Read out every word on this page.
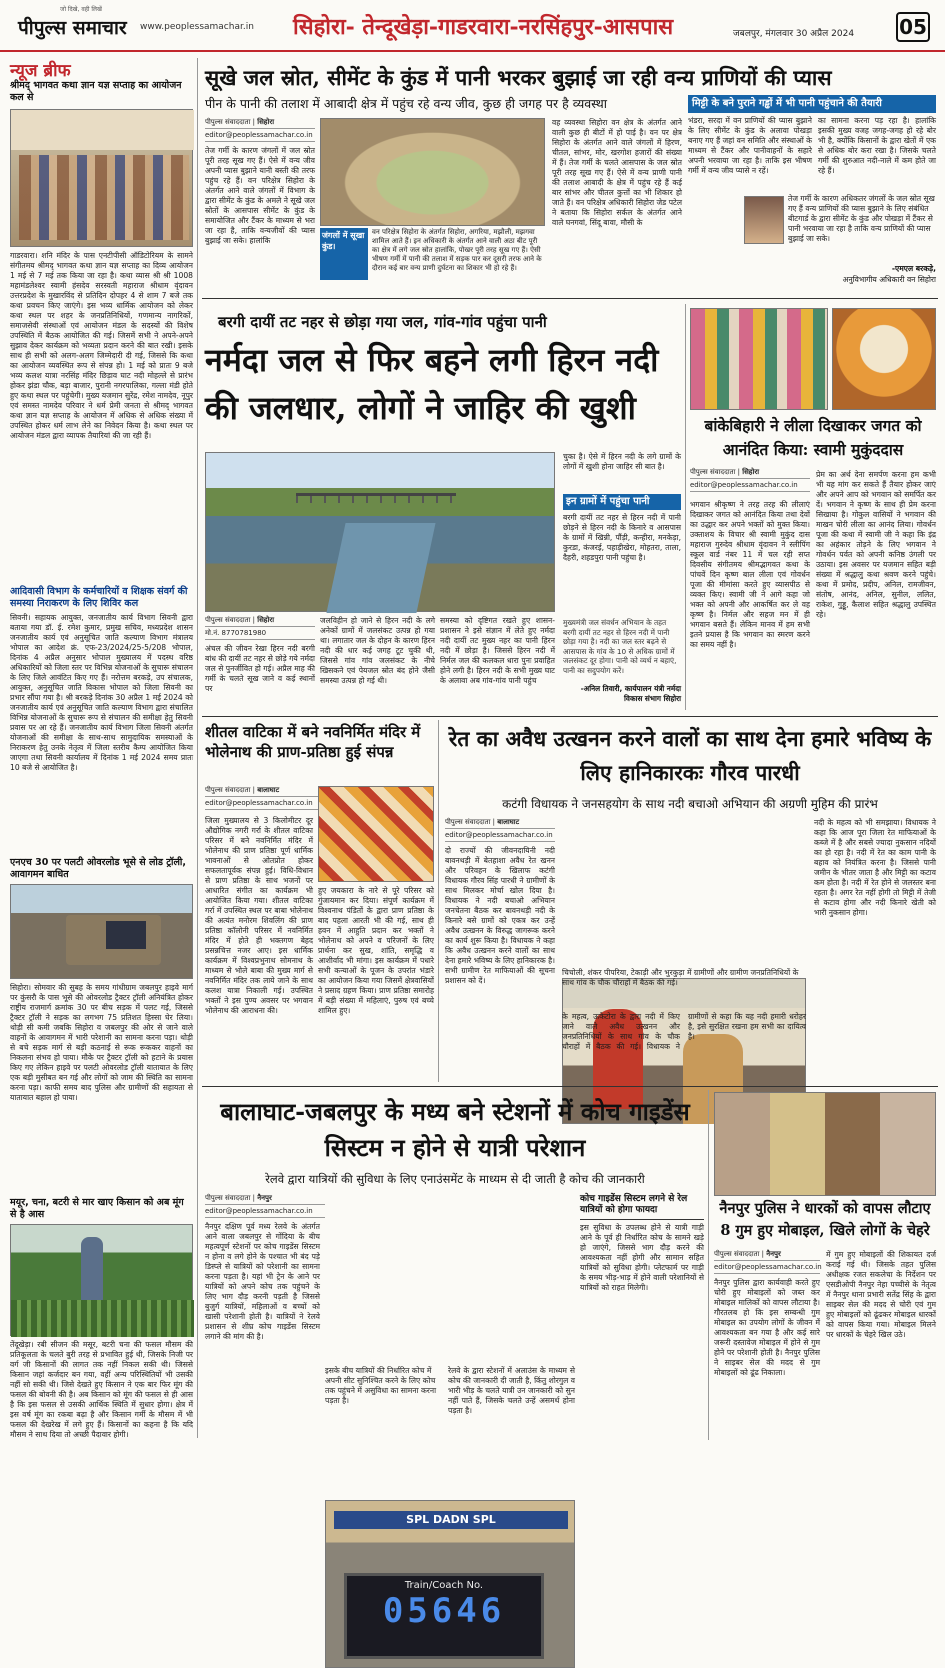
पीपुल्स समाचार
जो दिखे, वही लिखें
www.peoplessamachar.in सिहोरा- तेन्दूखेड़ा-गाडरवारा-नरसिंहपुर-आसपास	जबलपुर, मंगलवार 30 अप्रैल 2024 05
न्यूज ब्रीफ
श्रीमद् भागवत कथा ज्ञान यज्ञ सप्ताह का आयोजन कल से
गाडरवारा। शनि मंदिर के पास एनटीपीसी ऑडिटोरियम के सामने संगीतमय श्रीमद् भागवत कथा ज्ञान यज्ञ सप्ताह का दिव्य आयोजन 1 मई से 7 मई तक किया जा रहा है। कथा व्यास श्री श्री 1008 महामंडलेश्वर स्वामी हंसदेव सरस्वती महाराज श्रीधाम वृंदावन उत्तरप्रदेश के मुखारविंद से प्रतिदिन दोपहर 4 से शाम 7 बजे तक कथा प्रवचन किए जाएंगे। इस भव्य धार्मिक आयोजन को लेकर कथा स्थल पर शहर के जनप्रतिनिधियों, गणमान्य नागरिकों, समाजसेवी संस्थाओं एवं आयोजन मंडल के सदस्यों की विशेष उपस्थिति में बैठक आयोजित की गई। जिसमें सभी ने अपने-अपने सुझाव देकर कार्यक्रम को भव्यता प्रदान करने की बात रखी। इसके साथ ही सभी को अलग-अलग जिम्मेदारी दी गई, जिससे कि कथा का आयोजन व्यवस्थित रूप से संपन्न हो। 1 मई को प्रातः 9 बजे भव्य कलश यात्रा नरसिंह मंदिर छिड़ाव घाट नदी मोहल्ले से प्रारंभ होकर झंडा चौक, बड़ा बाजार, पुरानी नगरपालिका, गल्ला मंडी होते हुए कथा स्थल पर पहुंचेगी। मुख्य यजमान सुरेंद्र, रमेश नामदेव, नूपुर एवं समस्त नामदेव परिवार ने धर्म प्रेमी जनता से श्रीमद् भागवत कथा ज्ञान यज्ञ सप्ताह के आयोजन में अधिक से अधिक संख्या में उपस्थित होकर धर्म लाभ लेने का निवेदन किया है। कथा स्थल पर आयोजन मंडल द्वारा व्यापक तैयारियां की जा रही हैं।
आदिवासी विभाग के कर्मचारियों व शिक्षक संवर्ग की समस्या निराकरण के लिए शिविर कल
सिवनी। सहायक आयुक्त, जनजातीय कार्य विभाग सिवनी द्वारा बताया गया डॉ. ई. रमेश कुमार, प्रमुख सचिव, मध्यप्रदेश शासन जनजातीय कार्य एवं अनुसूचित जाति कल्याण विभाग मंत्रालय भोपाल का आदेश क्रं. एफ-23/2024/25-5/208 भोपाल, दिनांक 4 अप्रैल अनुसार भोपाल मुख्यालय में पदस्थ वरिष्ठ अधिकारियों को जिला स्तर पर विभिन्न योजनाओं के सुचारू संचालन के लिए जिले आवंटित किए गए हैं। नरोत्तम बरकड़े, उप संचालक, आयुक्त, अनुसूचित जाति विकास भोपाल को जिला सिवनी का प्रभार सौंपा गया है। श्री बरकड़े दिनांक 30 अप्रैल 1 मई 2024 को जनजातीय कार्य एवं अनुसूचित जाति कल्याण विभाग द्वारा संचालित विभिन्न योजनाओं के सुचारू रूप से संचालन की समीक्षा हेतु सिवनी प्रवास पर आ रहे हैं। जनजातीय कार्य विभाग जिला सिवनी अंतर्गत योजनाओं की समीक्षा के साथ-साथ सामुदायिक समस्याओं के निराकरण हेतु उनके नेतृत्व में जिला स्तरीय कैम्प आयोजित किया जाएगा तथा सिवनी कार्यालय में दिनांक 1 मई 2024 समय प्रातः 10 बजे से आयोजित है।
एनएच 30 पर पलटी ओवरलोड भूसे से लोड ट्रॉली, आवागमन बाधित
सिहोरा। सोमवार की सुबह के समय गांधीग्राम जबलपुर हाइवे मार्ग पर कुंसरौ के पास भूसे की ओवरलोड ट्रैक्टर ट्रॉली अनियंत्रित होकर राष्ट्रीय राजमार्ग क्रमांक 30 पर बीच सड़क में पलट गई, जिससे ट्रैक्टर ट्रॉली ने सड़क का लगभग 75 प्रतिशत हिस्सा घेर लिया। थोड़ी सी कमी जबकि सिहोरा व जबलपुर की ओर से जाने वाले वाहनों के आवागमन में भारी परेशानी का सामना करना पड़ा। थोड़ी से बचे सड़क मार्ग से बड़ी कठनाई से रूक रूककर वाहनों का निकलना संभव हो पाया। मौके पर ट्रैक्टर ट्रॉली को हटाने के प्रयास किए गए लेकिन हाइवे पर पलटी ओवरलोड ट्रॉली यातायात के लिए एक बड़ी मुसीबत बन गई और लोगों को जाम की स्थिति का सामना करना पड़ा। काफी समय बाद पुलिस और ग्रामीणों की सहायता से यातायात बहाल हो पाया।
मयूर, चना, बटरी से मार खाए किसान को अब मूंग से है आस
तेंदूखेड़ा। रबी सीजन की मसूर, बटरी चना की फसल मौसम की प्रतिकूलता के चलते बुरी तरह से प्रभावित हुई थी, जिसके निजी पर वर्ग जी किसानों की लागत तक नहीं निकल सकी थी। जिससे किसान जहां कर्जदार बन गया, वहीं अन्य परिस्थितियों भी उसकी नहीं सो सकी थी। जिसे देखते हुए किसान ने एक बार फिर मूंग की फसल की बोवनी की है। अब किसान को मूंग की फसल से ही आस है कि इस फसल से उसकी आर्थिक स्थिति में सुधार होगा। क्षेत्र में इस वर्ष मूंग का रकबा बढ़ा है और किसान गर्मी के मौसम में भी फसल की देखरेख में लगे हुए हैं। किसानों का कहना है कि यदि मौसम ने साथ दिया तो अच्छी पैदावार होगी।
सूखे जल स्रोत, सीमेंट के कुंड में पानी भरकर बुझाई जा रही वन्य प्राणियों की प्यास
पीन के पानी की तलाश में आबादी क्षेत्र में पहुंच रहे वन्य जीव, कुछ ही जगह पर है व्यवस्था
पीपुल्स संवाददाता | सिहोरा
editor@peoplessamachar.co.in
तेज गर्मी के कारण जंगलों में जल स्रोत पूरी तरह सूख गए हैं। ऐसे में वन्य जीव अपनी प्यास बुझाने यानी बस्ती की तरफ पहुंच रहे हैं। वन परिक्षेत्र सिहोरा के अंतर्गत आने वाले जंगलों में विभाग के द्वारा सीमेंट के कुंड के अमले ने सूखे जल स्रोतों के आसपास सीमेंट के कुंड के समायोजित और टैंकर के माध्यम से भरा जा रहा है, ताकि वन्यजीवों की प्यास बुझाई जा सके। हालांकि
जंगलों में सूखा कुंड।
वन परिक्षेत्र सिहोरा के अंतर्गत सिहोरा, अगरिया, मझौली, मझगवा शामिल आते हैं। इन अधिकारी के अंतर्गत आने वाली अठा बीट पूरी का क्षेत्र में लगे जल स्रोत हालांकि, पोखर पूरी तरह सूख गए हैं। ऐसी भीषण गर्मी में पानी की तलाश में सड़क पार कर दूसरी तरफ आने के दौरान कई बार वन्य प्राणी दुर्घटना का शिकार भी हो रहे हैं।
वह व्यवस्था सिहोरा वन क्षेत्र के अंतर्गत आने वाली कुछ ही बीटों में हो पाई है। वन पर क्षेत्र सिहोरा के अंतर्गत आने वाले जंगलों में हिरण, चीतल, सांभर, मोर, खरगोश हजारों की संख्या में हैं। तेज गर्मी के चलते आसपास के जल स्रोत पूरी तरह सूख गए हैं। ऐसे में वन्य प्राणी पानी की तलाश आबादी के क्षेत्र में पहुंच रहे हैं कई बार सांभर और चीतल कुत्तों का भी शिकार हो जाते हैं। वन परिक्षेत्र अधिकारी सिहोरा जेड पटेल ने बताया कि सिहोरा सर्कल के अंतर्गत आने वाले घनगवां, सिंदू बावा, मौसी के
मिट्टी के बने पुराने गड्ढों में भी पानी पहुंचाने की तैयारी
भंडरा, सरदा में वन प्राणियों की प्यास बुझाने के लिए सीमेंट के कुंड के अलावा पोखड़ा बनाए गए हैं जहां वन समिति और संस्थाओं के माध्यम से टैंकर और पानीवाहनों के सहारे अपनी भरवाया जा रहा है। ताकि इस भीषण गर्मी में वन्य जीव प्यासे न रहें।
का सामना करना पड़ रहा है। हालांकि इसकी मुख्य वजह जगह-जगह हो रहे बोर भी है, क्योंकि किसानों के द्वारा खेतों में एक से अधिक बोर करा रखा है। जिसके चलते गर्मी की शुरुआत नदी-नाले में कम होते जा रहे हैं।
तेज गर्मी के कारण अधिकतर जंगलों के जल स्रोत सूख गए हैं वन्य प्राणियों की प्यास बुझाने के लिए संबंधित बीटगार्ड के द्वारा सीमेंट के कुंड और पोखड़ा में टैंकर से पानी भरवाया जा रहा है ताकि वन्य प्राणियों की प्यास बुझाई जा सके।
-एमएल बरकड़े,
अनुविभागीय अधिकारी वन सिहोरा
बरगी दायीं तट नहर से छोड़ा गया जल, गांव-गांव पहुंचा पानी
नर्मदा जल से फिर बहने लगी हिरन नदी की जलधार, लोगों ने जाहिर की खुशी
चुका है। ऐसे में हिरन नदी के लगे ग्रामों के लोगों में खुशी होना जाहिर सी बात है।
इन ग्रामों में पहुंचा पानी
बरगी दायीं तट नहर से हिरन नदी में पानी छोड़ने से हिरन नदी के किनारे व आसपास के ग्रामों में खिन्नी, पौंड़ी, कन्हीरा, मनकेड़ा, कुरडा, कंजरई, पहाड़ीखेरा, मोहतरा, ताला, दैहरी, शहडपुरा पानी पहुंचा है।
पीपुल्स संवाददाता | सिहोरा
मो.नं. 8770781980
अंचल की जीवन रेखा हिरन नदी बरगी बांध की दायीं तट नहर से छोड़े गये नर्मदा जल से पुनर्जीवित हो गई। अप्रैल माह की गर्मी के चलते सूख जाने व कई स्थानों पर
जलविहीन हो जाने से हिरन नदी के लगे अनेकों ग्रामों में जलसंकट उत्पन्न हो गया था। लगातार जल के दोहन के कारण हिरन नदी की धार कई जगह टूट चुकी थी, जिससे गांव गांव जलसंकट के नीचे खिसकने एवं पेयजल स्रोत बंद होने जैसी समस्या उत्पन्न हो गई थी।
समस्या को दृष्टिगत रखते हुए शासन-प्रशासन ने इसे संज्ञान में लेते हुए नर्मदा नदी दायीं तट मुख्य नहर का पानी हिरन नदी में छोड़ा है। जिससे हिरन नदी में निर्मल जल की कलकल धारा पुनः प्रवाहित होने लगी है। हिरन नदी के सभी मुख्य घाट के अलावा अब गांव-गांव पानी पहुंच
मुख्यमंत्री जल संवर्धन अभियान के तहत बरगी दायीं तट नहर से हिरन नदी में पानी छोड़ा गया है। नदी का जल स्तर बढ़ने से आसपास के गांव के 10 से अधिक ग्रामों में जलसंकट दूर होगा। पानी को व्यर्थ न बहाएं, पानी का सदुपयोग करें।
-अनिल तिवारी, कार्यपालन यंत्री नर्मदा विकास संभाग सिहोरा
बांकेबिहारी ने लीला दिखाकर जगत को आनंदित किया: स्वामी मुकुंददास
पीपुल्स संवाददाता | सिहोरा
editor@peoplessamachar.co.in
भगवान श्रीकृष्ण ने तरह तरह की लीलाएं दिखाकर जगत को आनंदित किया तथा देवों का उद्धार कर अपने भक्तों को मुक्त किया। उक्ताशय के विचार श्री स्वामी मुकुंद दास महाराज गुरुदेव श्रीधाम वृंदावन ने स्लीपिंग स्कूल वार्ड नंबर 11 में चल रही सप्त दिवसीय संगीतमय श्रीमद्भागवत कथा के पांचवें दिन कृष्ण बाल लीला एवं गोवर्धन पूजा की मीमांसा करते हुए व्यासपीठ से व्यक्त किए। स्वामी जी ने आगे कहा जो भक्त को अपनी और आकर्षित कर ले वह कृष्ण है। निर्मल और सहज मन में ही भगवान बसते हैं। लेकिन मानव में हम सभी इतने प्रयास है कि भगवान का स्मरण करने का समय नहीं है।
प्रेम का अर्थ देना समर्पण करना हम कभी भी यह मांग कर सकते हैं तैयार होकर जाएं और अपने आप को भगवान को समर्पित कर दें। भगवान ने कृष्ण के साथ ही प्रेम करना सिखाया है। गोकुल वासियों ने भगवान की माखन चोरी लीला का आनंद लिया। गोवर्धन पूजा की कथा में स्वामी जी ने कहा कि इंद्र का अहंकार तोड़ने के लिए भगवान ने गोवर्धन पर्वत को अपनी कनिष्ठ उंगली पर उठाया। इस अवसर पर यजमान सहित बड़ी संख्या में श्रद्धालु कथा श्रवण करने पहुंचे। कथा में प्रमोद, प्रदीप, अनिल, रामजीवन, संतोष, आनंद, अनिल, सुनील, ललित, राकेश, गुड्डू, कैलाश सहित श्रद्धालु उपस्थित रहे।
शीतल वाटिका में बने नवनिर्मित मंदिर में भोलेनाथ की प्राण-प्रतिष्ठा हुई संपन्न
पीपुल्स संवाददाता | बालाघाट
editor@peoplessamachar.co.in
जिला मुख्यालय से 3 किलोमीटर दूर औद्योगिक नगरी गर्रा के शीतल वाटिका परिसर में बने नवनिर्मित मंदिर में भोलेनाथ की प्राण प्रतिष्ठा पूर्ण धार्मिक भावनाओं से ओतप्रोत होकर सफलतापूर्वक संपन्न हुई। विधि-विधान से प्राण प्रतिष्ठा के साथ भजनों पर आधारित संगीत का कार्यक्रम भी आयोजित किया गया। शीतल वाटिका गर्रा में उपस्थित स्थल पर बाबा भोलेनाथ की अत्यंत मनोरम शिवलिंग की प्राण प्रतिष्ठा कॉलोनी परिसर में नवनिर्मित मंदिर में होते ही भक्तगण बेहद प्रसन्नचित्त नजर आए। इस धार्मिक कार्यक्रम में विश्वप्रभुनाथ सोमनाथ के माध्यम से भोले बाबा की मुख्य मार्ग से नवनिर्मित मंदिर तक लाये जाने के साथ कलश यात्रा निकाली गई। उपस्थित भक्तों ने इस पुण्य अवसर पर भगवान भोलेनाथ की आराधना की।
हुए जयकारा के नारे से पूरे परिसर को गुंजायमान कर दिया। संपूर्ण कार्यक्रम में विश्वनाथ पंडितों के द्वारा प्राण प्रतिष्ठा के बाद पहला आरती भी की गई, साथ ही हवन में आहुति प्रदान कर भक्तों ने भोलेनाथ को अपने व परिजनों के लिए प्रार्थना कर सुख, शांति, समृद्धि व आशीर्वाद भी मांगा। इस कार्यक्रम में पधारे सभी कन्याओं के पूजन के उपरांत भंडारे का आयोजन किया गया जिसमें क्षेत्रवासियों ने प्रसाद ग्रहण किया। प्राण प्रतिष्ठा समारोह में बड़ी संख्या में महिलाएं, पुरुष एवं बच्चे शामिल हुए।
रेत का अवैध उत्खनन करने वालों का साथ देना हमारे भविष्य के लिए हानिकारकः गौरव पारधी
कटंगी विधायक ने जनसहयोग के साथ नदी बचाओ अभियान की अग्रणी मुहिम की प्रारंभ
पीपुल्स संवाददाता | बालाघाट
editor@peoplessamachar.co.in
दो राज्यों की जीवनदायिनी नदी बावनथड़ी में बेतहाशा अवैध रेत खनन और परिवहन के खिलाफ कटंगी विधायक गौरव सिंह पारधी ने ग्रामीणों के साथ मिलकर मोर्चा खोल दिया है। विधायक ने नदी बचाओ अभियान जनचेतना बैठक कर बावनथड़ी नदी के किनारे बसे ग्रामों को एकत्र कर उन्हें अवैध उत्खनन के विरुद्ध जागरूक करने का कार्य शुरू किया है। विधायक ने कहा कि अवैध उत्खनन करने वालों का साथ देना हमारे भविष्य के लिए हानिकारक है। सभी ग्रामीण रेत माफियाओं की सूचना प्रशासन को दें।
चिचोली, शंकर पीपरिया, टेकाड़ी और भुरकुड़ा में ग्रामीणों और ग्रामीण जनप्रतिनिधियों के साथ गांव के चौक चौराहों में बैठक की गई।
के महत्व, ऊकेटोरा के द्वारा नदी में किए जाने वाले अवैध उत्खनन और जनप्रतिनिधियों के साथ गांव के चौक चौराहों में बैठक की गई। विधायक ने ग्रामीणों से कहा कि यह नदी हमारी धरोहर है, इसे सुरक्षित रखना हम सभी का दायित्व है।
नदी के महत्व को भी समझाया। विधायक ने कहा कि आज पूरा जिला रेत माफियाओं के कब्जे में है और सबसे ज्यादा नुकसान नदियों का हो रहा है। नदी में रेत का काम पानी के बहाव को नियंत्रित करना है। जिससे पानी जमीन के भीतर जाता है और मिट्टी का कटाव कम होता है। नदी में रेत होने से जलस्तर बना रहता है। अगर रेत नहीं होगी तो मिट्टी में तेजी से कटाव होगा और नदी किनारे खेती को भारी नुकसान होगा।
बालाघाट-जबलपुर के मध्य बने स्टेशनों में कोच गाइडेंस सिस्टम न होने से यात्री परेशान
रेलवे द्वारा यात्रियों की सुविधा के लिए एनाउंसमेंट के माध्यम से दी जाती है कोच की जानकारी
पीपुल्स संवाददाता | नैनपुर
editor@peoplessamachar.co.in
नैनपुर दक्षिण पूर्व मध्य रेलवे के अंतर्गत आने वाला जबलपुर से गोंदिया के बीच महत्वपूर्ण स्टेशनों पर कोच गाइडेंस सिस्टम न होना व लगे होने के पश्चात भी बंद पड़े डिस्प्ले से यात्रियों को परेशानी का सामना करना पड़ता है। यहां भी ट्रेन के आने पर यात्रियों को अपने कोच तक पहुंचने के लिए भाग दौड़ करनी पड़ती है जिससे बुजुर्ग यात्रियों, महिलाओं व बच्चों को खासी परेशानी होती है। यात्रियों ने रेलवे प्रशासन से शीघ्र कोच गाइडेंस सिस्टम लगाने की मांग की है।
SPL DADN SPL
Train/Coach No.
05646
इसके बीच यात्रियों की निर्धारित कोच में अपनी सीट सुनिश्चित करने के लिए कोच तक पहुंचने में असुविधा का सामना करना पड़ता है।
रेलवे के द्वारा स्टेशनों में अलाउंस के माध्यम से कोच की जानकारी दी जाती है, किंतु शोरगुल व भारी भीड़ के चलते यात्री उन जानकारी को सुन नहीं पाते हैं, जिसके चलते उन्हें असमर्थ होना पड़ता है।
कोच गाइडेंस सिस्टम लगने से रेल यात्रियों को होगा फायदा
इस सुविधा के उपलब्ध होने से यात्री गाड़ी आने के पूर्व ही निर्धारित कोच के सामने खड़े हो जाएंगे, जिससे भाग दौड़ करने की आवश्यकता नहीं होगी और सामान सहित यात्रियों को सुविधा होगी। प्लेटफार्म पर गाड़ी के समय भीड़-भाड़ में होने वाली परेशानियों से यात्रियों को राहत मिलेगी।
नैनपुर पुलिस ने धारकों को वापस लौटाए 8 गुम हुए मोबाइल, खिले लोगों के चेहरे
पीपुल्स संवाददाता | नैनपुर
editor@peoplessamachar.co.in
नैनपुर पुलिस द्वारा कार्यवाही करते हुए चोरी हुए मोबाइलों को जब्त कर मोबाइल मालिकों को वापस लौटाया है। गौरतलब हो कि इस सम्बन्धी गुम मोबाइल का उपयोग लोगों के जीवन में आवश्यकता बन गया है और कई सारे जरूरी दस्तावेज मोबाइल में होने से गुम होने पर परेशानी होती है। नैनपुर पुलिस ने साइबर सेल की मदद से गुम मोबाइलों को ढूंढ निकाला।
में गुम हुए मोबाइलों की शिकायत दर्ज कराई गई थी। जिसके तहत पुलिस अधीक्षक रजत सकलेचा के निर्देशन पर एसडीओपी नैनपुर नेहा पच्चीसे के नेतृत्व में नैनपुर थाना प्रभारी सतेंद्र सिंह के द्वारा साइबर सेल की मदद से चोरी एवं गुम हुए मोबाइलों को ढूंढकर मोबाइल धारकों को वापस किया गया। मोबाइल मिलने पर धारकों के चेहरे खिल उठे।
